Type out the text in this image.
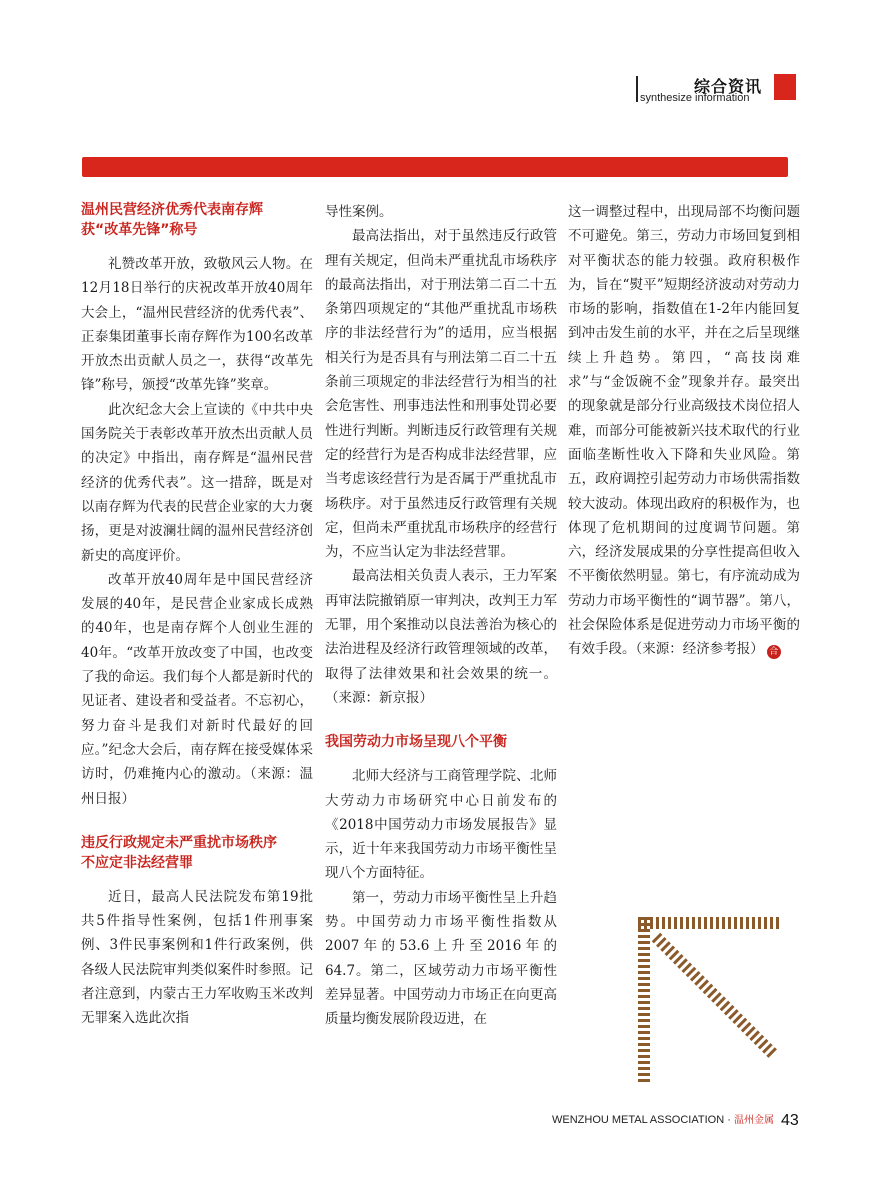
综合资讯
synthesize information
温州民营经济优秀代表南存辉
获“改革先锋”称号

礼赞改革开放，致敬风云人物。在12月18日举行的庆祝改革开放40周年大会上，“温州民营经济的优秀代表”、正泰集团董事长南存辉作为100名改革开放杰出贡献人员之一，获得“改革先锋”称号，颁授“改革先锋”奖章。

此次纪念大会上宣读的《中共中央 国务院关于表彰改革开放杰出贡献人员的决定》中指出，南存辉是“温州民营经济的优秀代表”。这一措辞，既是对以南存辉为代表的民营企业家的大力褒扬，更是对波澜壮阔的温州民营经济创新史的高度评价。

改革开放40周年是中国民营经济发展的40年，是民营企业家成长成熟的40年，也是南存辉个人创业生涯的40年。“改革开放改变了中国，也改变了我的命运。我们每个人都是新时代的见证者、建设者和受益者。不忘初心，努力奋斗是我们对新时代最好的回应。”纪念大会后，南存辉在接受媒体采访时，仍难掩内心的激动。（来源：温州日报）

违反行政规定未严重扰市场秩序
不应定非法经营罪

近日，最高人民法院发布第19批共5件指导性案例，包括1件刑事案例、3件民事案例和1件行政案例，供各级人民法院审判类似案件时参照。记者注意到，内蒙古王力军收购玉米改判无罪案入选此次指

导性案例。

最高法指出，对于虽然违反行政管理有关规定，但尚未严重扰乱市场秩序的最高法指出，对于刑法第二百二十五条第四项规定的“其他严重扰乱市场秩序的非法经营行为”的适用，应当根据相关行为是否具有与刑法第二百二十五条前三项规定的非法经营行为相当的社会危害性、刑事违法性和刑事处罚必要性进行判断。判断违反行政管理有关规定的经营行为是否构成非法经营罪，应当考虑该经营行为是否属于严重扰乱市场秩序。对于虽然违反行政管理有关规定，但尚未严重扰乱市场秩序的经营行为，不应当认定为非法经营罪。

最高法相关负责人表示，王力军案再审法院撤销原一审判决，改判王力军无罪，用个案推动以良法善治为核心的法治进程及经济行政管理领域的改革，取得了法律效果和社会效果的统一。（来源：新京报）

我国劳动力市场呈现八个平衡

北师大经济与工商管理学院、北师大劳动力市场研究中心日前发布的《2018中国劳动力市场发展报告》显示，近十年来我国劳动力市场平衡性呈现八个方面特征。

第一，劳动力市场平衡性呈上升趋势。中国劳动力市场平衡性指数从2007年的53.6上升至2016年的64.7。第二，区域劳动力市场平衡性差异显著。中国劳动力市场正在向更高质量均衡发展阶段迈进，在

这一调整过程中，出现局部不均衡问题不可避免。第三，劳动力市场回复到相对平衡状态的能力较强。政府积极作为，旨在“熨平”短期经济波动对劳动力市场的影响，指数值在1-2年内能回复到冲击发生前的水平，并在之后呈现继续上升趋势。第四，“高技岗难求”与“金饭碗不金”现象并存。最突出的现象就是部分行业高级技术岗位招人难，而部分可能被新兴技术取代的行业面临垄断性收入下降和失业风险。第五，政府调控引起劳动力市场供需指数较大波动。体现出政府的积极作为，也体现了危机期间的过度调节问题。第六，经济发展成果的分享性提高但收入不平衡依然明显。第七，有序流动成为劳动力市场平衡性的“调节器”。第八，社会保险体系是促进劳动力市场平衡的有效手段。（来源：经济参考报） 合

WENZHOU METAL ASSOCIATION · 温州金属 43
